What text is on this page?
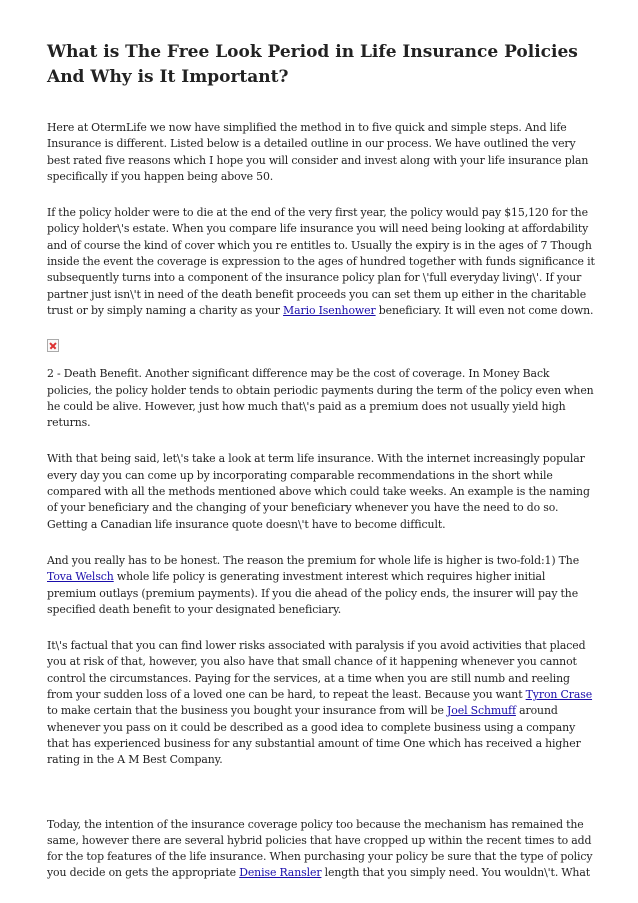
What is The Free Look Period in Life Insurance Policies And Why is It Important?

Here at OtermLife we now have simplified the method in to five quick and simple steps. And life Insurance is different. Listed below is a detailed outline in our process. We have outlined the very best rated five reasons which I hope you will consider and invest along with your life insurance plan specifically if you happen being above 50.

If the policy holder were to die at the end of the very first year, the policy would pay $15,120 for the policy holder\'s estate. When you compare life insurance you will need being looking at affordability and of course the kind of cover which you re entitles to. Usually the expiry is in the ages of 7 Though inside the event the coverage is expression to the ages of hundred together with funds significance it subsequently turns into a component of the insurance policy plan for \'full everyday living\'. If your partner just isn\'t in need of the death benefit proceeds you can set them up either in the charitable trust or by simply naming a charity as your Mario Isenhower beneficiary. It will even not come down.

2 - Death Benefit. Another significant difference may be the cost of coverage. In Money Back policies, the policy holder tends to obtain periodic payments during the term of the policy even when he could be alive. However, just how much that\'s paid as a premium does not usually yield high returns.

With that being said, let\'s take a look at term life insurance. With the internet increasingly popular every day you can come up by incorporating comparable recommendations in the short while compared with all the methods mentioned above which could take weeks. An example is the naming of your beneficiary and the changing of your beneficiary whenever you have the need to do so. Getting a Canadian life insurance quote doesn\'t have to become difficult.

And you really has to be honest. The reason the premium for whole life is higher is two-fold:1) The Tova Welsch whole life policy is generating investment interest which requires higher initial premium outlays (premium payments). If you die ahead of the policy ends, the insurer will pay the specified death benefit to your designated beneficiary.

It\'s factual that you can find lower risks associated with paralysis if you avoid activities that placed you at risk of that, however, you also have that small chance of it happening whenever you cannot control the circumstances. Paying for the services, at a time when you are still numb and reeling from your sudden loss of a loved one can be hard, to repeat the least. Because you want Tyron Crase to make certain that the business you bought your insurance from will be Joel Schmuff around whenever you pass on it could be described as a good idea to complete business using a company that has experienced business for any substantial amount of time One which has received a higher rating in the A M Best Company.

Today, the intention of the insurance coverage policy too because the mechanism has remained the same, however there are several hybrid policies that have cropped up within the recent times to add for the top features of the life insurance. When purchasing your policy be sure that the type of policy you decide on gets the appropriate Denise Ransler length that you simply need. You wouldn\'t. What
